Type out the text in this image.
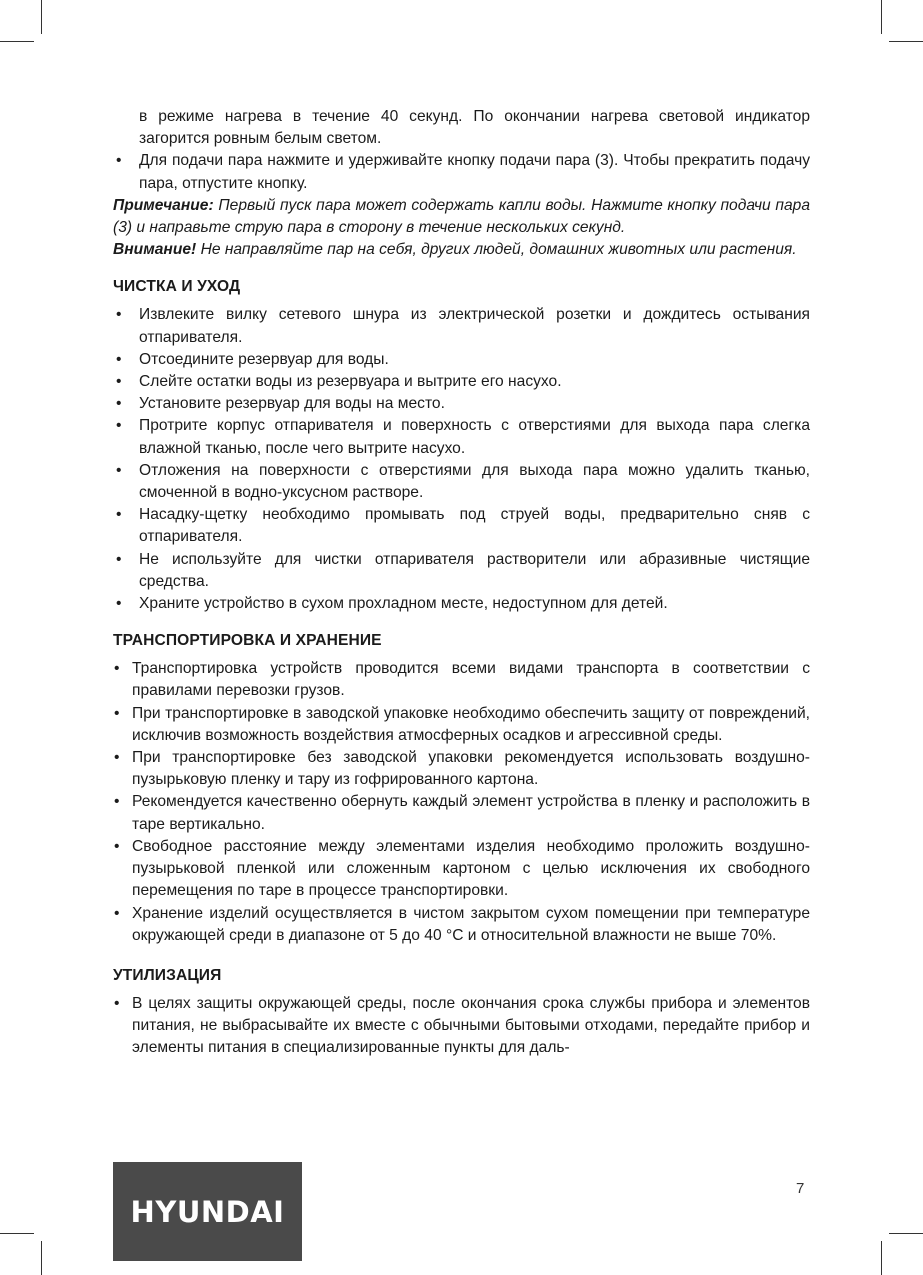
в режиме нагрева в течение 40 секунд. По окончании нагрева световой индикатор загорится ровным белым светом.
• Для подачи пара нажмите и удерживайте кнопку подачи пара (3). Чтобы прекратить подачу пара, отпустите кнопку.

Примечание: Первый пуск пара может содержать капли воды. Нажмите кнопку подачи пара (3) и направьте струю пара в сторону в течение нескольких секунд.

Внимание! Не направляйте пар на себя, других людей, домашних животных или растения.

ЧИСТКА И УХОД
• Извлеките вилку сетевого шнура из электрической розетки и дождитесь остывания отпаривателя.
• Отсоедините резервуар для воды.
• Слейте остатки воды из резервуара и вытрите его насухо.
• Установите резервуар для воды на место.
• Протрите корпус отпаривателя и поверхность с отверстиями для выхода пара слегка влажной тканью, после чего вытрите насухо.
• Отложения на поверхности с отверстиями для выхода пара можно удалить тканью, смоченной в водно-уксусном растворе.
• Насадку-щетку необходимо промывать под струей воды, предварительно сняв с отпаривателя.
• Не используйте для чистки отпаривателя растворители или абразивные чистящие средства.
• Храните устройство в сухом прохладном месте, недоступном для детей.
ТРАНСПОРТИРОВКА И ХРАНЕНИЕ
• Транспортировка устройств проводится всеми видами транспорта в соответствии с правилами перевозки грузов.
• При транспортировке в заводской упаковке необходимо обеспечить защиту от повреждений, исключив возможность воздействия атмосферных осадков и агрессивной среды.
• При транспортировке без заводской упаковки рекомендуется использовать воздушно-пузырьковую пленку и тару из гофрированного картона.
• Рекомендуется качественно обернуть каждый элемент устройства в пленку и расположить в таре вертикально.
• Свободное расстояние между элементами изделия необходимо проложить воздушно-пузырьковой пленкой или сложенным картоном с целью исключения их свободного перемещения по таре в процессе транспортировки.
• Хранение изделий осуществляется в чистом закрытом сухом помещении при температуре окружающей среди в диапазоне от 5 до 40 °С и относительной влажности не выше 70%.
УТИЛИЗАЦИЯ
• В целях защиты окружающей среды, после окончания срока службы прибора и элементов питания, не выбрасывайте их вместе с обычными бытовыми отходами, передайте прибор и элементы питания в специализированные пункты для даль-
HYUNDAI
7
